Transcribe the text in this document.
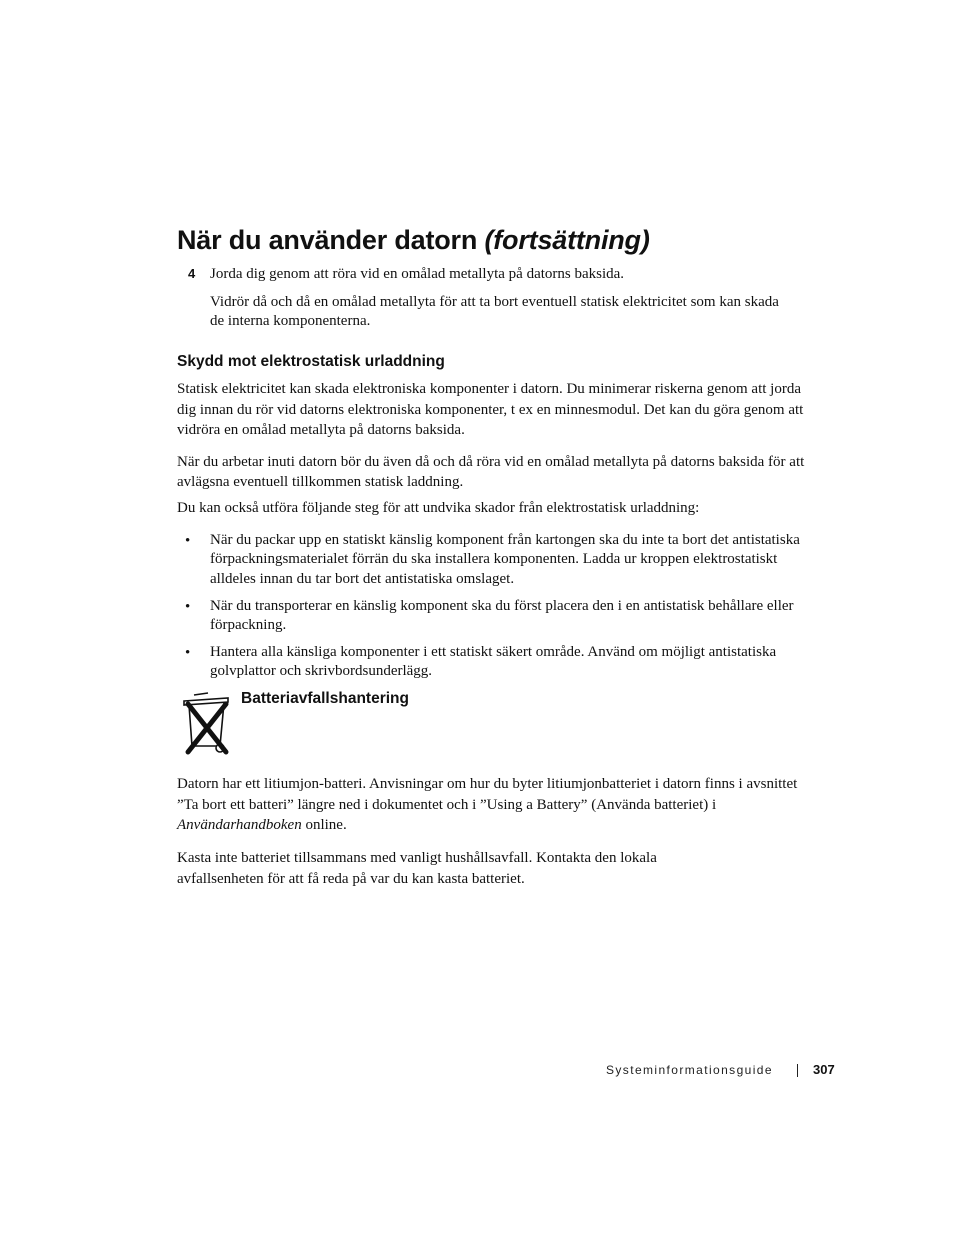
När du använder datorn (fortsättning)
4 Jorda dig genom att röra vid en omålad metallyta på datorns baksida.

Vidrör då och då en omålad metallyta för att ta bort eventuell statisk elektricitet som kan skada de interna komponenterna.

Skydd mot elektrostatisk urladdning

Statisk elektricitet kan skada elektroniska komponenter i datorn. Du minimerar riskerna genom att jorda dig innan du rör vid datorns elektroniska komponenter, t ex en minnesmodul. Det kan du göra genom att vidröra en omålad metallyta på datorns baksida.

När du arbetar inuti datorn bör du även då och då röra vid en omålad metallyta på datorns baksida för att avlägsna eventuell tillkommen statisk laddning.

Du kan också utföra följande steg för att undvika skador från elektrostatisk urladdning:

• När du packar upp en statiskt känslig komponent från kartongen ska du inte ta bort det antistatiska förpackningsmaterialet förrän du ska installera komponenten. Ladda ur kroppen elektrostatiskt alldeles innan du tar bort det antistatiska omslaget.

• När du transporterar en känslig komponent ska du först placera den i en antistatisk behållare eller förpackning.

• Hantera alla känsliga komponenter i ett statiskt säkert område. Använd om möjligt antistatiska golvplattor och skrivbordsunderlägg.

Batteriavfallshantering

Datorn har ett litiumjon-batteri. Anvisningar om hur du byter litiumjonbatteriet i datorn finns i avsnittet ”Ta bort ett batteri” längre ned i dokumentet och i ”Using a Battery” (Använda batteriet) i Användarhandboken online.

Kasta inte batteriet tillsammans med vanligt hushållsavfall. Kontakta den lokala avfallsenheten för att få reda på var du kan kasta batteriet.

Systeminformationsguide	307
